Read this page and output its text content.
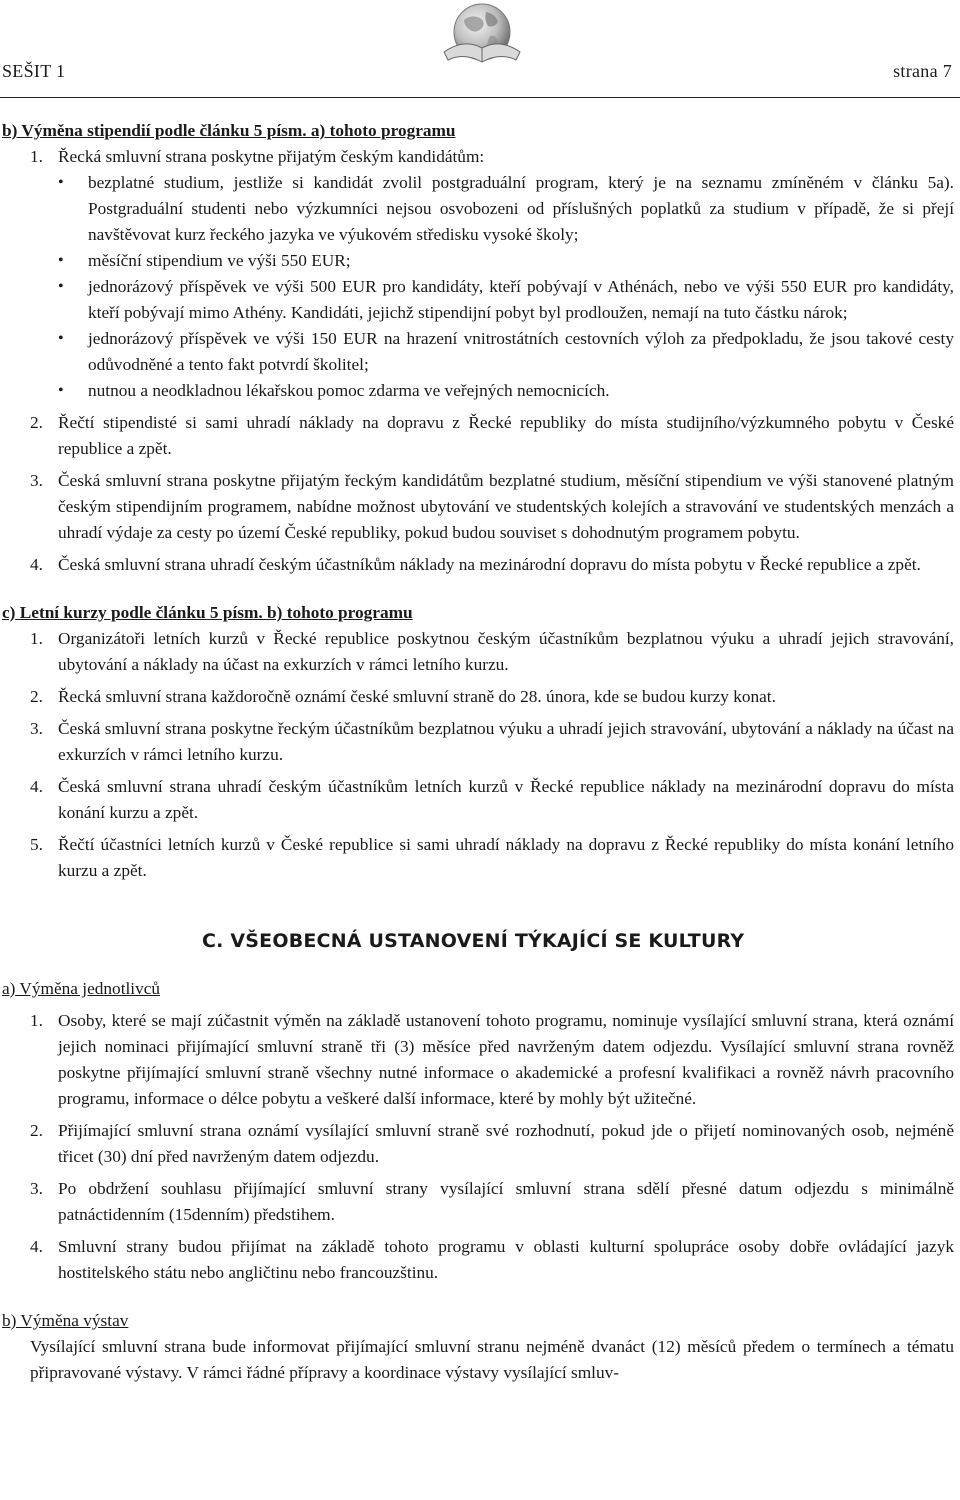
SEŠIT 1	strana 7
b) Výměna stipendií podle článku 5 písm. a) tohoto programu
1. Řecká smluvní strana poskytne přijatým českým kandidátům:
•	bezplatné studium, jestliže si kandidát zvolil postgraduální program, který je na seznamu zmíněném v článku 5a). Postgraduální studenti nebo výzkumníci nejsou osvobozeni od příslušných poplatků za studium v případě, že si přejí navštěvovat kurz řeckého jazyka ve výukovém středisku vysoké školy;
•	měsíční stipendium ve výši 550 EUR;
•	jednorázový příspěvek ve výši 500 EUR pro kandidáty, kteří pobývají v Athénách, nebo ve výši 550 EUR pro kandidáty, kteří pobývají mimo Athény. Kandidáti, jejichž stipendijní pobyt byl prodloužen, nemají na tuto částku nárok;
•	jednorázový příspěvek ve výši 150 EUR na hrazení vnitrostátních cestovních výloh za předpokladu, že jsou takové cesty odůvodněné a tento fakt potvrdí školitel;
•	nutnou a neodkladnou lékařskou pomoc zdarma ve veřejných nemocnicích.
2. Řečtí stipendisté si sami uhradí náklady na dopravu z Řecké republiky do místa studijního/výzkumného pobytu v České republice a zpět.
3. Česká smluvní strana poskytne přijatým řeckým kandidátům bezplatné studium, měsíční stipendium ve výši stanovené platným českým stipendijním programem, nabídne možnost ubytování ve studentských kolejích a stravování ve studentských menzách a uhradí výdaje za cesty po území České republiky, pokud budou souviset s dohodnutým programem pobytu.
4. Česká smluvní strana uhradí českým účastníkům náklady na mezinárodní dopravu do místa pobytu v Řecké republice a zpět.
c) Letní kurzy podle článku 5 písm. b) tohoto programu
1. Organizátoři letních kurzů v Řecké republice poskytnou českým účastníkům bezplatnou výuku a uhradí jejich stravování, ubytování a náklady na účast na exkurzích v rámci letního kurzu.
2. Řecká smluvní strana každoročně oznámí české smluvní straně do 28. února, kde se budou kurzy konat.
3. Česká smluvní strana poskytne řeckým účastníkům bezplatnou výuku a uhradí jejich stravování, ubytování a náklady na účast na exkurzích v rámci letního kurzu.
4. Česká smluvní strana uhradí českým účastníkům letních kurzů v Řecké republice náklady na mezinárodní dopravu do místa konání kurzu a zpět.
5. Řečtí účastníci letních kurzů v České republice si sami uhradí náklady na dopravu z Řecké republiky do místa konání letního kurzu a zpět.
C. VŠEOBECNÁ USTANOVENÍ TÝKAJÍCÍ SE KULTURY
a) Výměna jednotlivců
1. Osoby, které se mají zúčastnit výměn na základě ustanovení tohoto programu, nominuje vysílající smluvní strana, která oznámí jejich nominaci přijímající smluvní straně tři (3) měsíce před navrženým datem odjezdu. Vysílající smluvní strana rovněž poskytne přijímající smluvní straně všechny nutné informace o akademické a profesní kvalifikaci a rovněž návrh pracovního programu, informace o délce pobytu a veškeré další informace, které by mohly být užitečné.
2. Přijímající smluvní strana oznámí vysílající smluvní straně své rozhodnutí, pokud jde o přijetí nominovaných osob, nejméně třicet (30) dní před navrženým datem odjezdu.
3. Po obdržení souhlasu přijímající smluvní strany vysílající smluvní strana sdělí přesné datum odjezdu s minimálně patnáctidenním (15denním) předstihem.
4. Smluvní strany budou přijímat na základě tohoto programu v oblasti kulturní spolupráce osoby dobře ovládající jazyk hostitelského státu nebo angličtinu nebo francouzštinu.
b) Výměna výstav
Vysílající smluvní strana bude informovat přijímající smluvní stranu nejméně dvanáct (12) měsíců předem o termínech a tématu připravované výstavy. V rámci řádné přípravy a koordinace výstavy vysílající smluv-
